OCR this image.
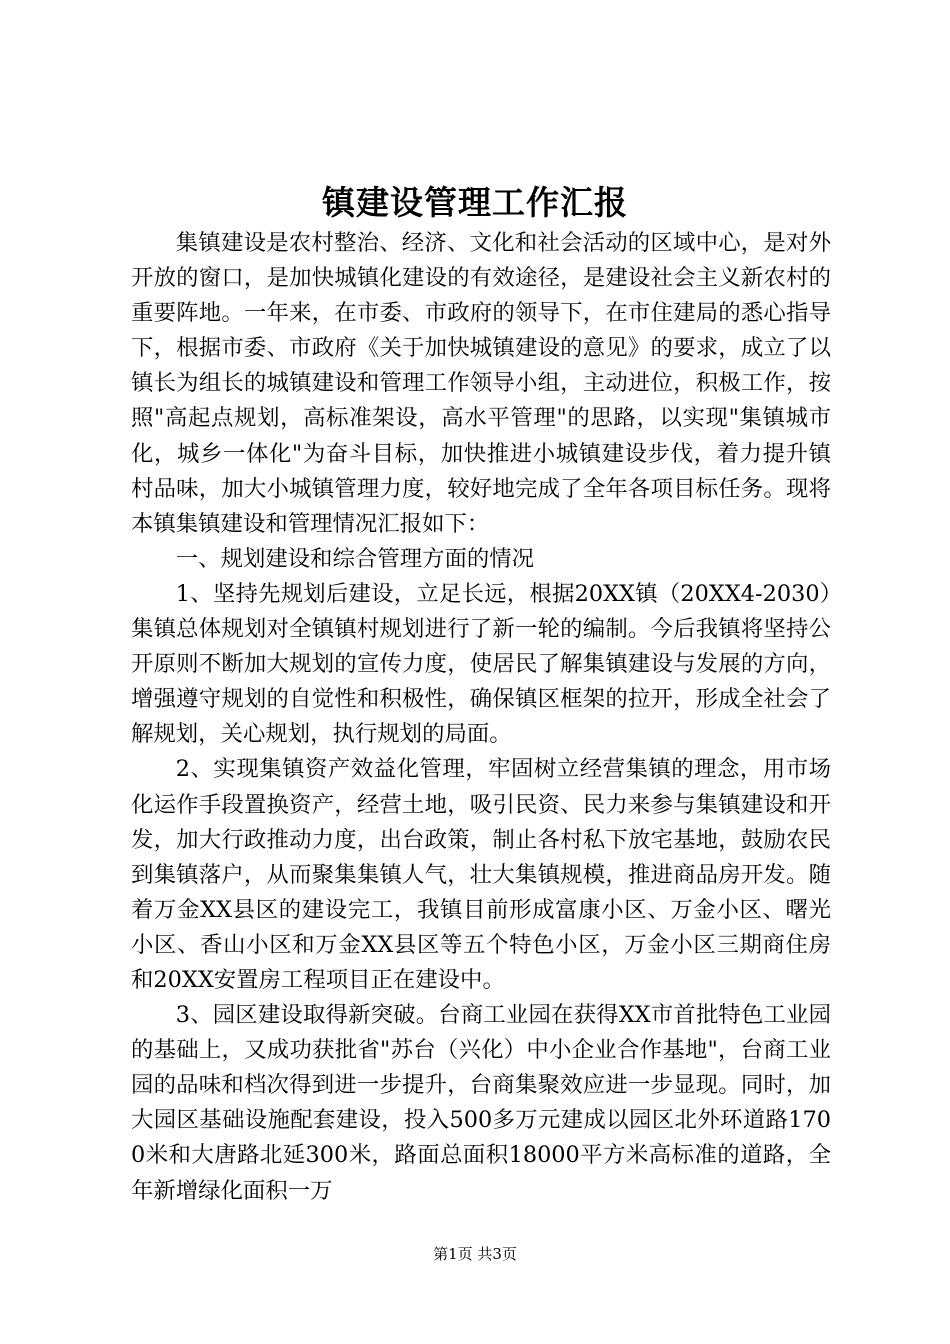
镇建设管理工作汇报

集镇建设是农村整治、经济、文化和社会活动的区域中心，是对外开放的窗口，是加快城镇化建设的有效途径，是建设社会主义新农村的重要阵地。一年来，在市委、市政府的领导下，在市住建局的悉心指导下，根据市委、市政府《关于加快城镇建设的意见》的要求，成立了以镇长为组长的城镇建设和管理工作领导小组，主动进位，积极工作，按照"高起点规划，高标准架设，高水平管理"的思路，以实现"集镇城市化，城乡一体化"为奋斗目标，加快推进小城镇建设步伐，着力提升镇村品味，加大小城镇管理力度，较好地完成了全年各项目标任务。现将本镇集镇建设和管理情况汇报如下：

一、规划建设和综合管理方面的情况

1、坚持先规划后建设，立足长远，根据20XX镇（20XX4-2030）集镇总体规划对全镇镇村规划进行了新一轮的编制。今后我镇将坚持公开原则不断加大规划的宣传力度，使居民了解集镇建设与发展的方向，增强遵守规划的自觉性和积极性，确保镇区框架的拉开，形成全社会了解规划，关心规划，执行规划的局面。

2、实现集镇资产效益化管理，牢固树立经营集镇的理念，用市场化运作手段置换资产，经营土地，吸引民资、民力来参与集镇建设和开发，加大行政推动力度，出台政策，制止各村私下放宅基地，鼓励农民到集镇落户，从而聚集集镇人气，壮大集镇规模，推进商品房开发。随着万金XX县区的建设完工，我镇目前形成富康小区、万金小区、曙光小区、香山小区和万金XX县区等五个特色小区，万金小区三期商住房和20XX安置房工程项目正在建设中。

3、园区建设取得新突破。台商工业园在获得XX市首批特色工业园的基础上，又成功获批省"苏台（兴化）中小企业合作基地"，台商工业园的品味和档次得到进一步提升，台商集聚效应进一步显现。同时，加大园区基础设施配套建设，投入500多万元建成以园区北外环道路1700米和大唐路北延300米，路面总面积18000平方米高标准的道路，全年新增绿化面积一万

第1页 共3页
